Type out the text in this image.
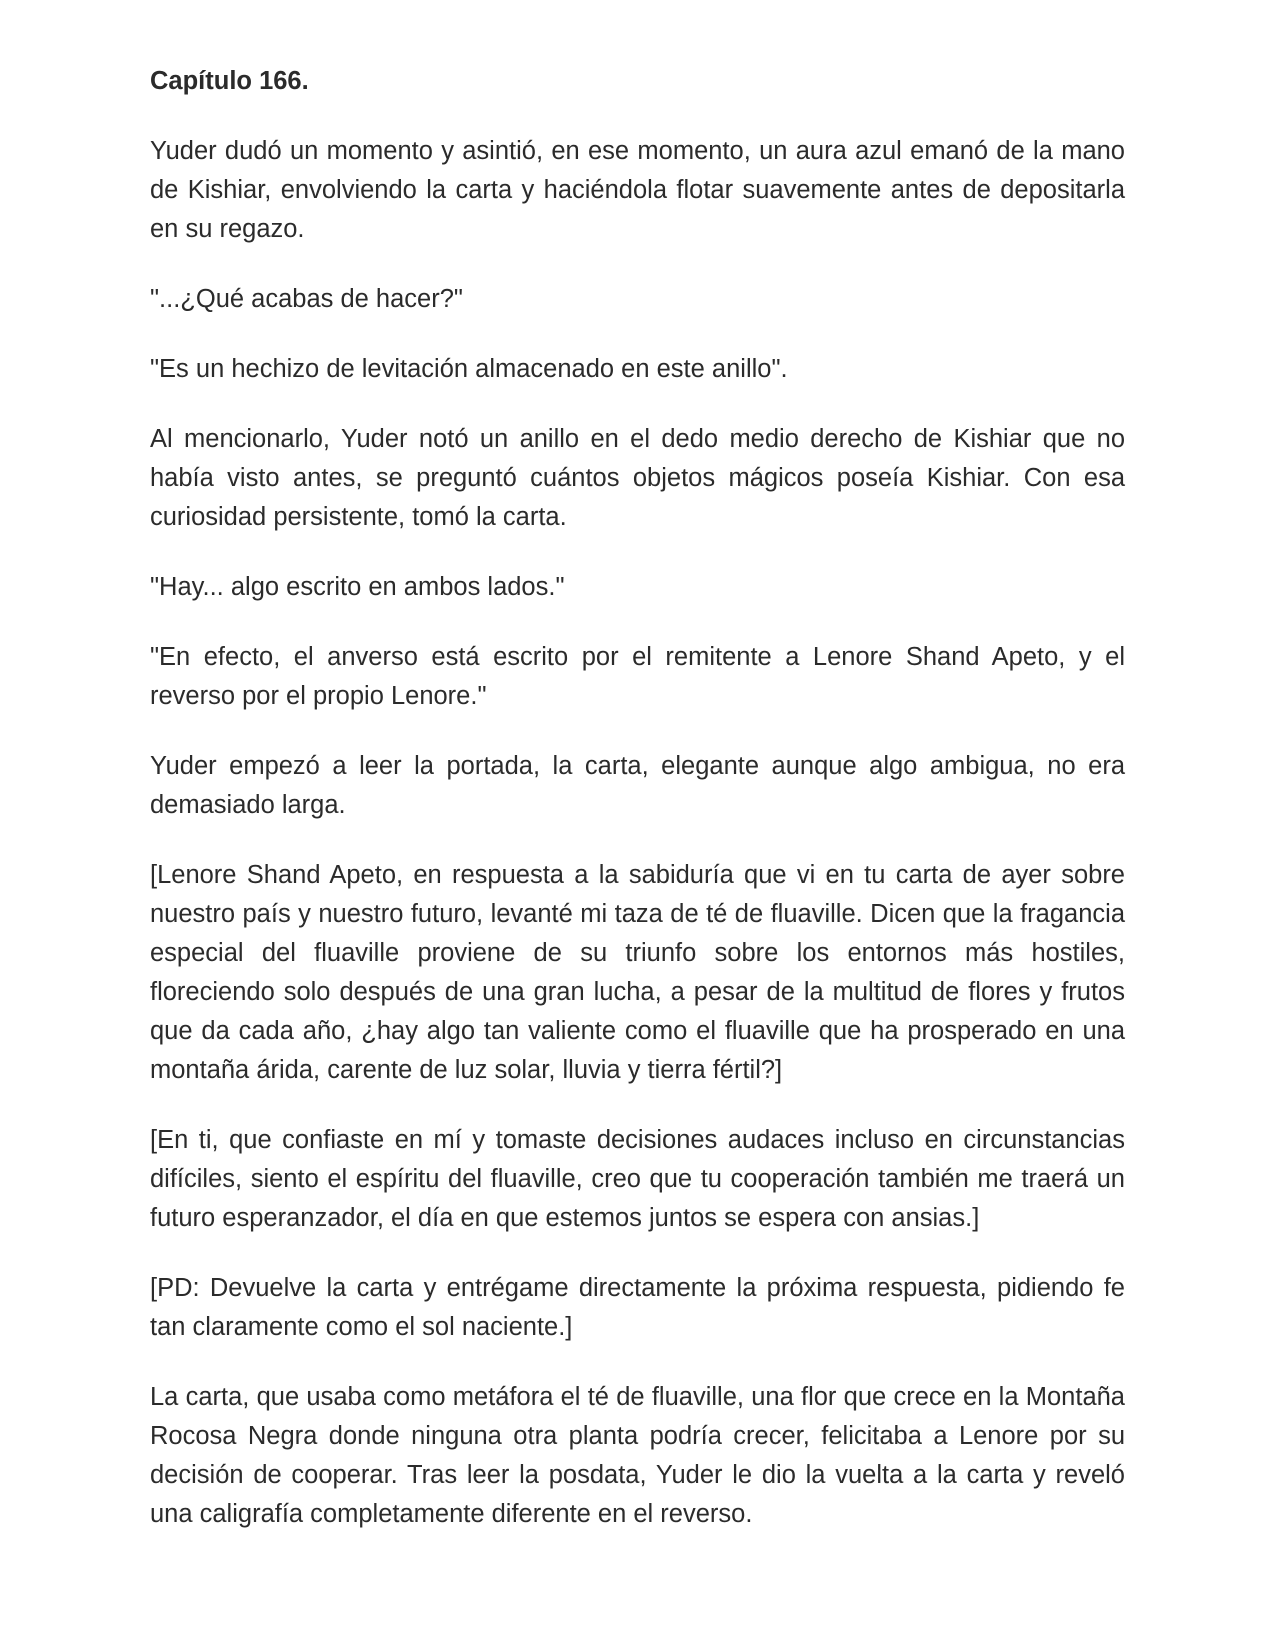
Capítulo 166.

Yuder dudó un momento y asintió, en ese momento, un aura azul emanó de la mano de Kishiar, envolviendo la carta y haciéndola flotar suavemente antes de depositarla en su regazo.

"...¿Qué acabas de hacer?"

"Es un hechizo de levitación almacenado en este anillo".

Al mencionarlo, Yuder notó un anillo en el dedo medio derecho de Kishiar que no había visto antes, se preguntó cuántos objetos mágicos poseía Kishiar. Con esa curiosidad persistente, tomó la carta.

"Hay... algo escrito en ambos lados."

"En efecto, el anverso está escrito por el remitente a Lenore Shand Apeto, y el reverso por el propio Lenore."

Yuder empezó a leer la portada, la carta, elegante aunque algo ambigua, no era demasiado larga.

[Lenore Shand Apeto, en respuesta a la sabiduría que vi en tu carta de ayer sobre nuestro país y nuestro futuro, levanté mi taza de té de fluaville. Dicen que la fragancia especial del fluaville proviene de su triunfo sobre los entornos más hostiles, floreciendo solo después de una gran lucha, a pesar de la multitud de flores y frutos que da cada año, ¿hay algo tan valiente como el fluaville que ha prosperado en una montaña árida, carente de luz solar, lluvia y tierra fértil?]

[En ti, que confiaste en mí y tomaste decisiones audaces incluso en circunstancias difíciles, siento el espíritu del fluaville, creo que tu cooperación también me traerá un futuro esperanzador, el día en que estemos juntos se espera con ansias.]

[PD: Devuelve la carta y entrégame directamente la próxima respuesta, pidiendo fe tan claramente como el sol naciente.]

La carta, que usaba como metáfora el té de fluaville, una flor que crece en la Montaña Rocosa Negra donde ninguna otra planta podría crecer, felicitaba a Lenore por su decisión de cooperar. Tras leer la posdata, Yuder le dio la vuelta a la carta y reveló una caligrafía completamente diferente en el reverso.
